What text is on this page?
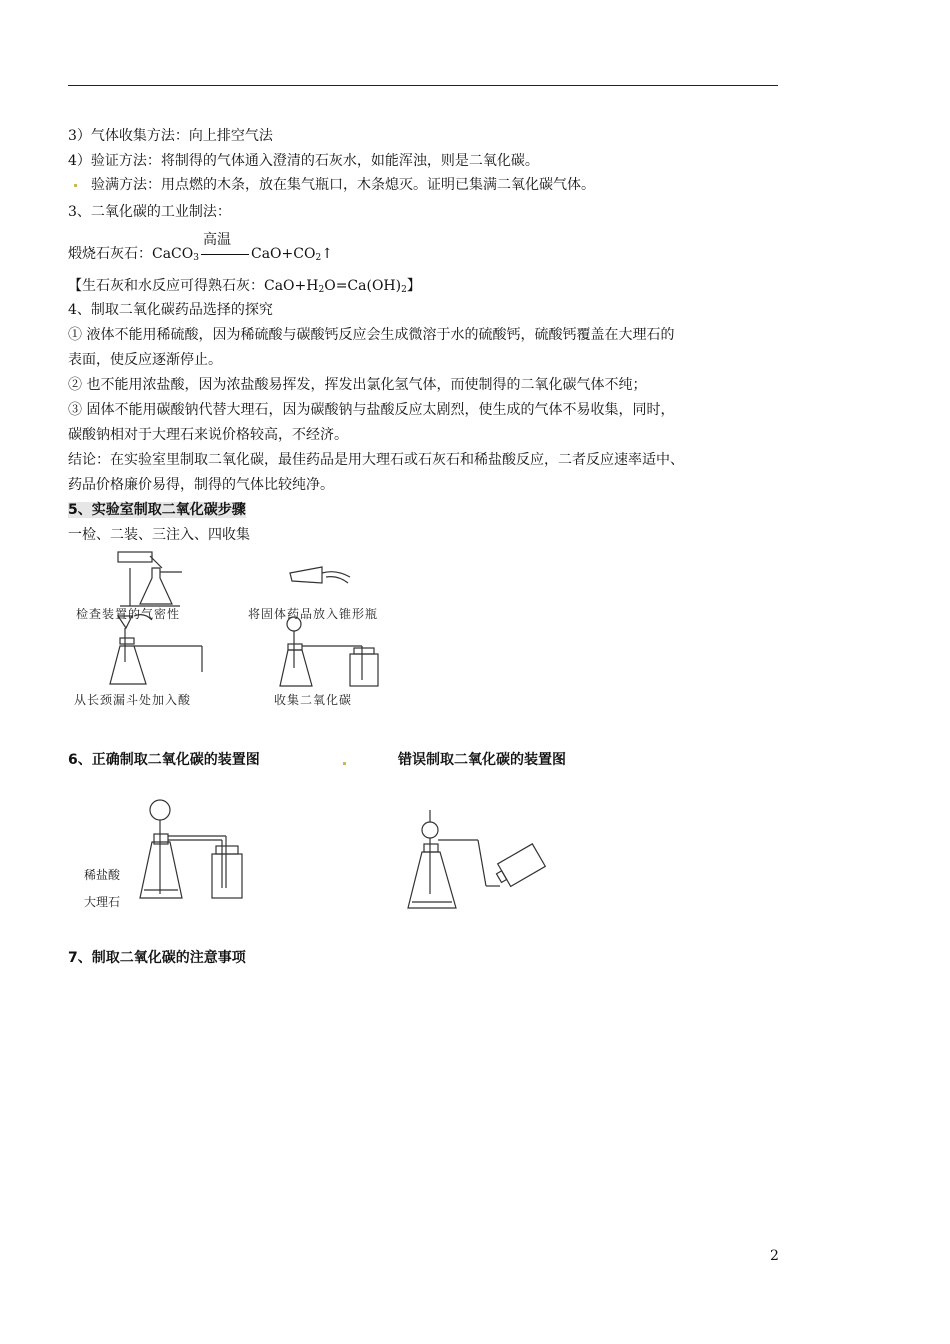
3）气体收集方法：向上排空气法
4）验证方法：将制得的气体通入澄清的石灰水，如能浑浊，则是二氧化碳。
验满方法：用点燃的木条，放在集气瓶口，木条熄灭。证明已集满二氧化碳气体。
3、二氧化碳的工业制法：
煅烧石灰石：CaCO$_3$
高温
$CaO+CO_2↑$
【生石灰和水反应可得熟石灰：$CaO+H_2O=Ca(OH)_2$】
4、制取二氧化碳药品选择的探究
① 液体不能用稀硫酸，因为稀硫酸与碳酸钙反应会生成微溶于水的硫酸钙，硫酸钙覆盖在大理石的
表面，使反应逐渐停止。
② 也不能用浓盐酸，因为浓盐酸易挥发，挥发出氯化氢气体，而使制得的二氧化碳气体不纯；
③ 固体不能用碳酸钠代替大理石，因为碳酸钠与盐酸反应太剧烈，使生成的气体不易收集，同时，
碳酸钠相对于大理石来说价格较高，不经济。
结论：在实验室里制取二氧化碳，最佳药品是用大理石或石灰石和稀盐酸反应，二者反应速率适中、
药品价格廉价易得，制得的气体比较纯净。
5、实验室制取二氧化碳步骤
一检、二装、三注入、四收集
检查装置的气密性	将固体药品放入锥形瓶
从长颈漏斗处加入酸	收集二氧化碳
6、正确制取二氧化碳的装置图	错误制取二氧化碳的装置图
稀盐酸
大理石
7、制取二氧化碳的注意事项
2
